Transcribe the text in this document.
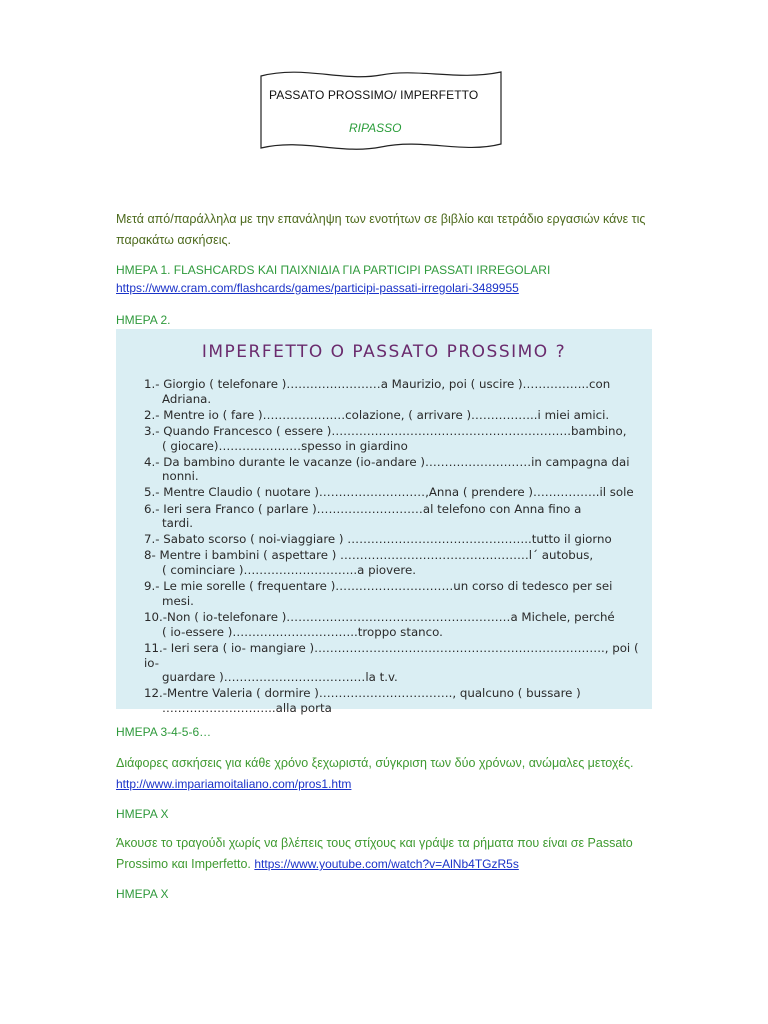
PASSATO PROSSIMO/ IMPERFETTO
RIPASSO
Μετά από/παράλληλα με την επανάληψη των ενοτήτων σε βιβλίο και τετράδιο εργασιών κάνε τις παρακάτω ασκήσεις.
ΗΜΕΡΑ 1. FLASHCARDS KAI ΠΑΙΧΝΙΔΙΑ ΓΙΑ PARTICIPI PASSATI IRREGOLARI
https://www.cram.com/flashcards/games/participi-passati-irregolari-3489955
ΗΜΕΡΑ 2.
IMPERFETTO O PASSATO PROSSIMO ?
1.- Giorgio ( telefonare )……………………a Maurizio, poi ( uscire )……………..con
Adriana.
2.- Mentre io ( fare )…………………colazione, ( arrivare )……………..i miei amici.
3.- Quando Francesco ( essere )…………………………………………………….bambino,
( giocare)…………………spesso in giardino
4.- Da bambino durante le vacanze (io-andare )………………………in campagna dai
nonni.
5.- Mentre Claudio ( nuotare )………………………,Anna ( prendere )……………..il sole
6.- Ieri sera Franco ( parlare )………………………al telefono con Anna fino a
tardi.
7.- Sabato scorso ( noi-viaggiare ) ………………………………………..tutto il giorno
8- Mentre i bambini ( aspettare ) …………………………………………l´ autobus,
( cominciare )………………………..a piovere.
9.- Le mie sorelle ( frequentare )…………………………un corso di tedesco per sei
mesi.
10.-Non ( io-telefonare )…………………………………………………a Michele, perché
( io-essere )…………………………..troppo stanco.
11.- Ieri sera ( io- mangiare )……………………………………………………………….., poi ( io-
guardare )………………………………la t.v.
12.-Mentre Valeria ( dormire )……………………………., qualcuno ( bussare )
………………………..alla porta
ΗΜΕΡΑ 3-4-5-6…
Διάφορες ασκήσεις για κάθε χρόνο ξεχωριστά, σύγκριση των δύο χρόνων, ανώμαλες μετοχές. http://www.impariamoitaliano.com/pros1.htm
ΗΜΕΡΑ Χ
Άκουσε το τραγούδι χωρίς να βλέπεις τους στίχους και γράψε τα ρήματα που είναι σε Passato Prossimo και Imperfetto. https://www.youtube.com/watch?v=AlNb4TGzR5s
ΗΜΕΡΑ Χ
